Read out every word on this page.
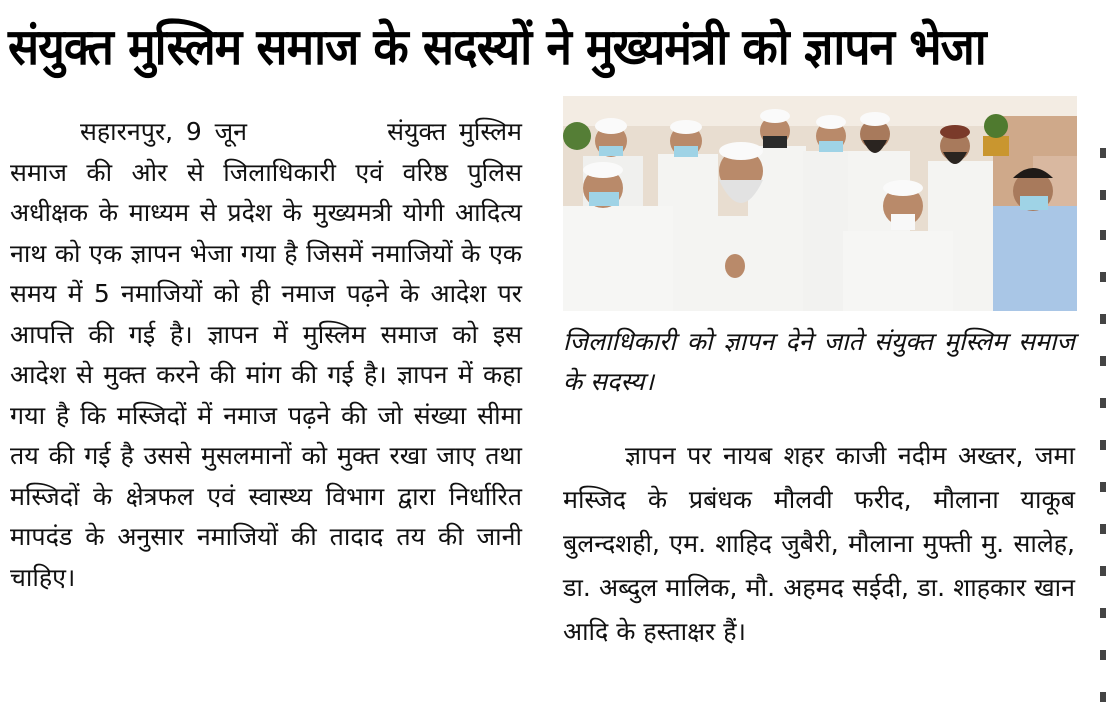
संयुक्त मुस्लिम समाज के सदस्यों ने मुख्यमंत्री को ज्ञापन भेजा

सहारनपुर, 9 जून	संयुक्त मुस्लिम समाज की ओर से जिलाधिकारी एवं वरिष्ठ पुलिस अधीक्षक के माध्यम से प्रदेश के मुख्यमत्री योगी आदित्य नाथ को एक ज्ञापन भेजा गया है जिसमें नमाजियों के एक समय में 5 नमाजियों को ही नमाज पढ़ने के आदेश पर आपत्ति की गई है। ज्ञापन में मुस्लिम समाज को इस आदेश से मुक्त करने की मांग की गई है। ज्ञापन में कहा गया है कि मस्जिदों में नमाज पढ़ने की जो संख्या सीमा तय की गई है उससे मुसलमानों को मुक्त रखा जाए तथा मस्जिदों के क्षेत्रफल एवं स्वास्थ्य विभाग द्वारा निर्धारित मापदंड के अनुसार नमाजियों की तादाद तय की जानी चाहिए।

जिलाधिकारी को ज्ञापन देने जाते संयुक्त मुस्लिम समाज के सदस्य।

ज्ञापन पर नायब शहर काजी नदीम अख्तर, जमा मस्जिद के प्रबंधक मौलवी फरीद, मौलाना याकूब बुलन्दशही, एम. शाहिद जुबैरी, मौलाना मुफ्ती मु. सालेह, डा. अब्दुल मालिक, मौ. अहमद सईदी, डा. शाहकार खान आदि के हस्ताक्षर हैं।
